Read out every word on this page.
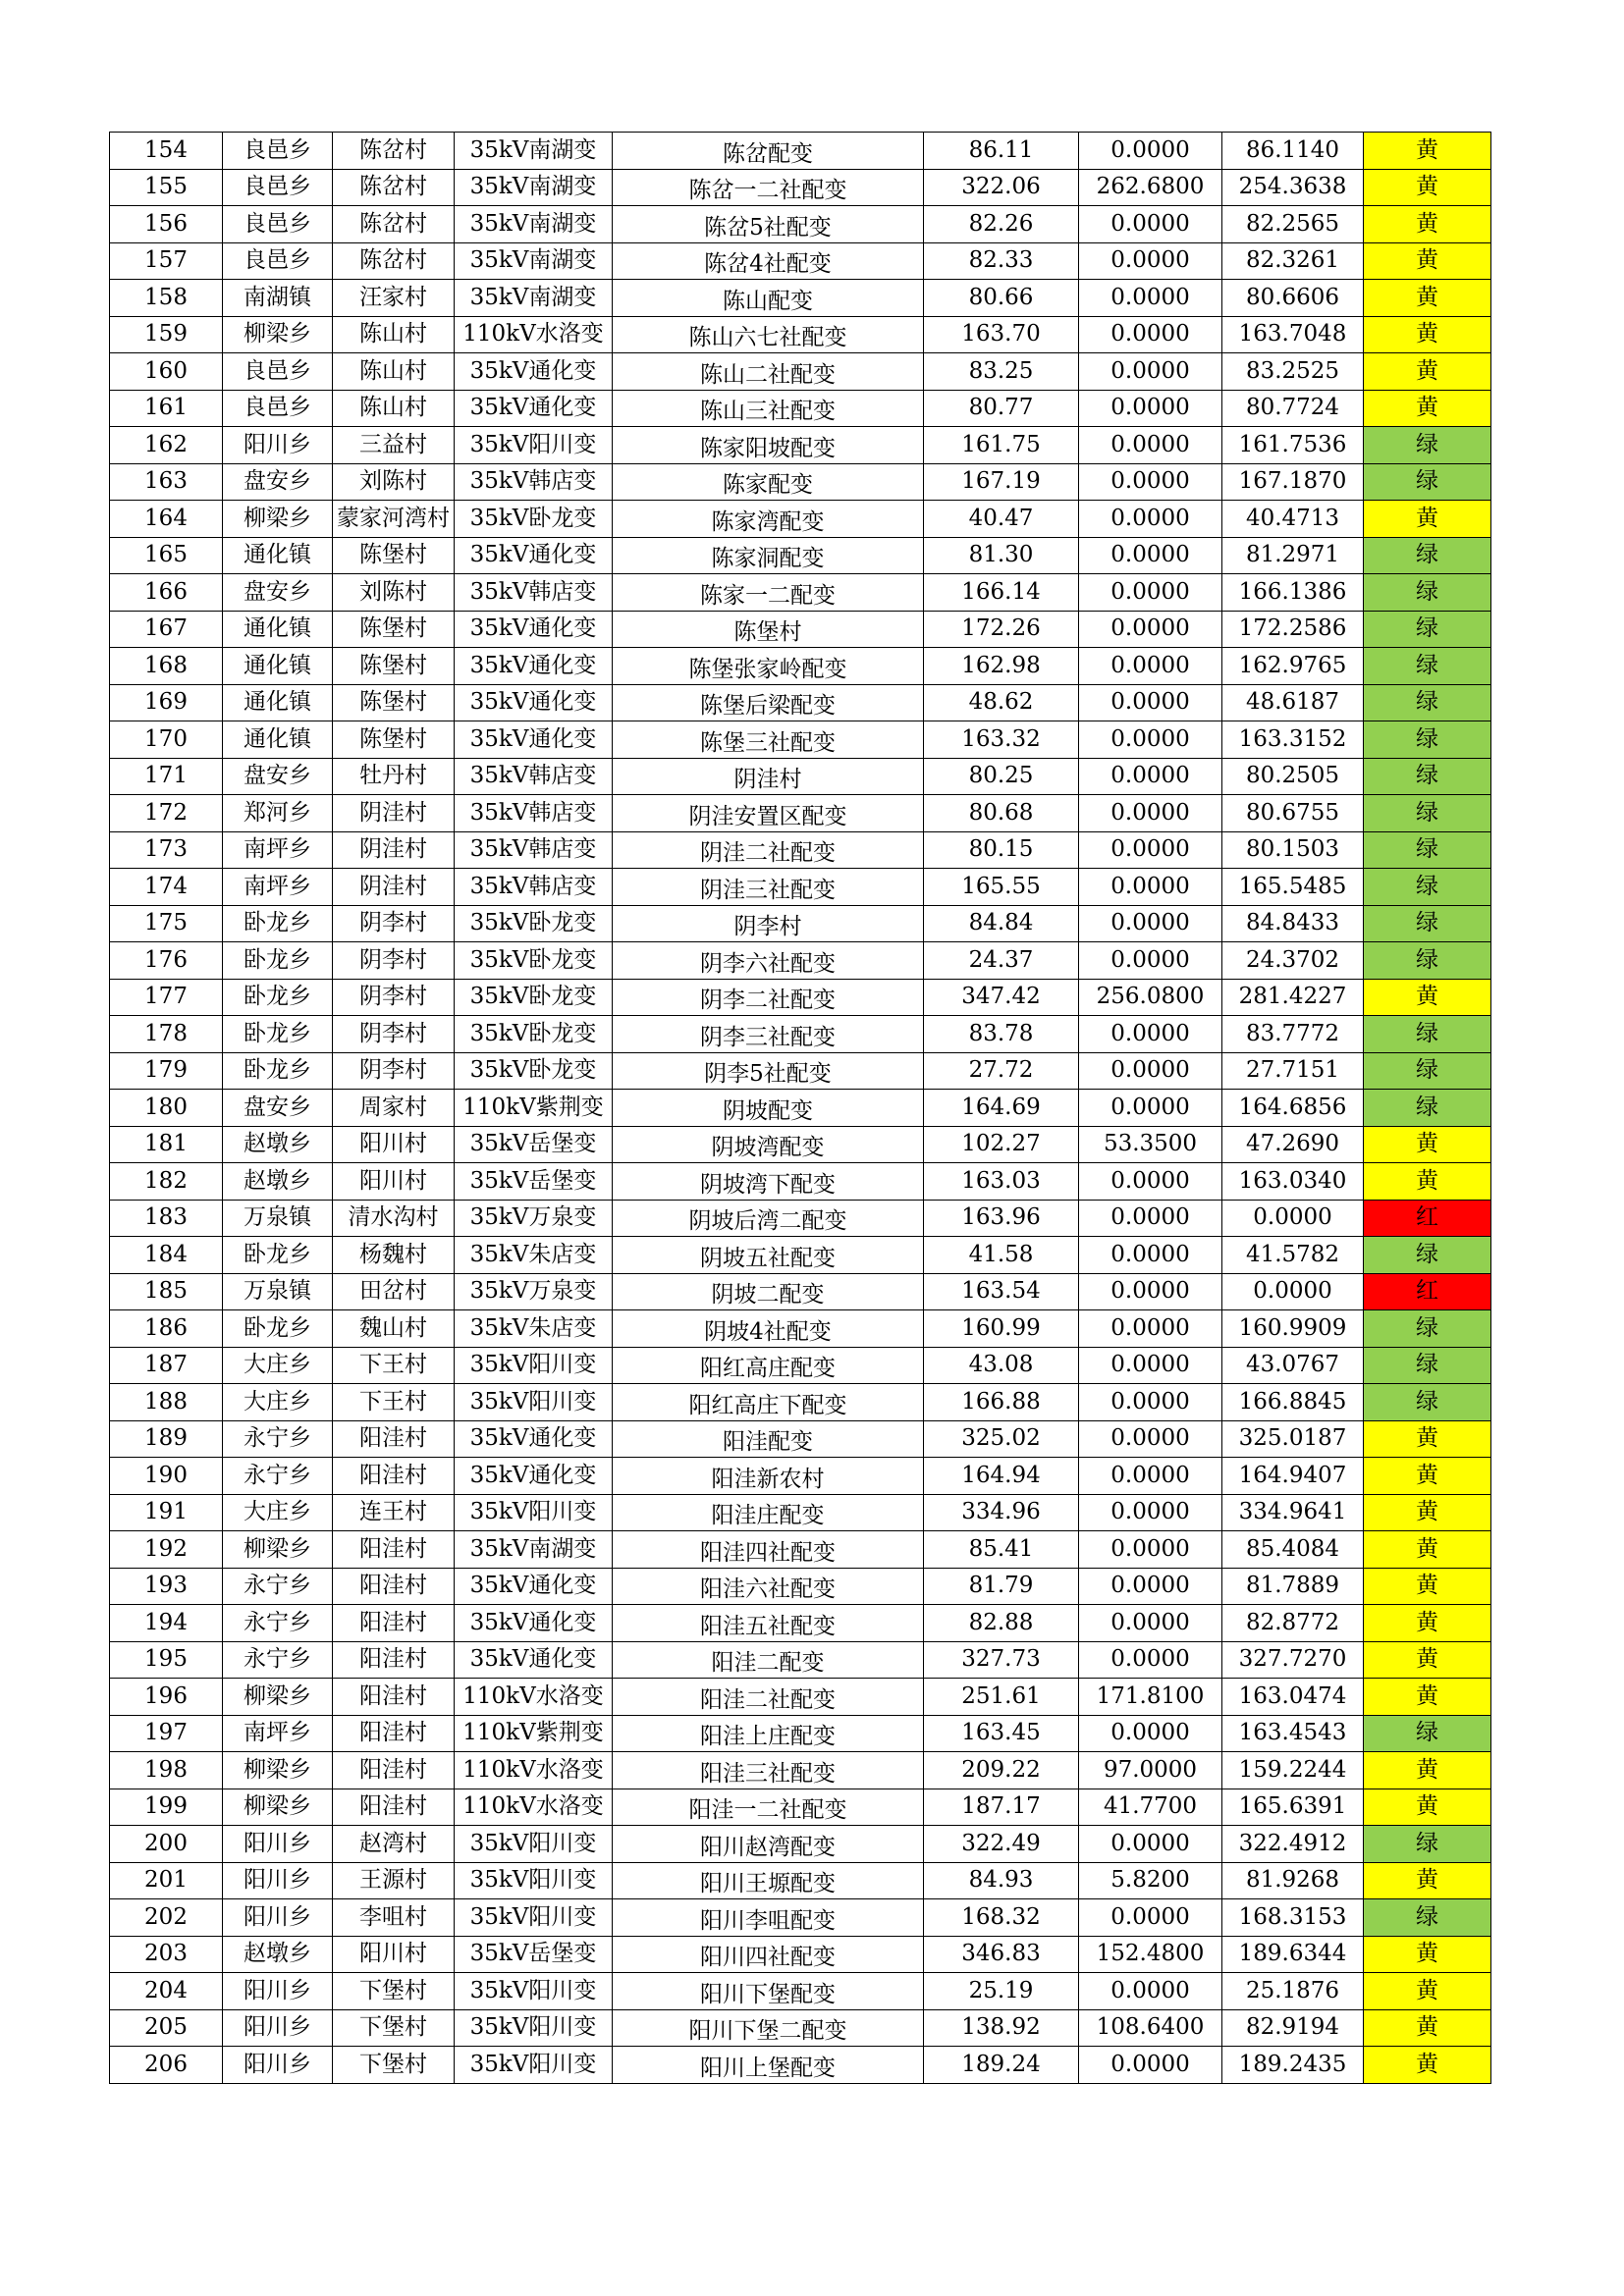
154	良邑乡	陈岔村	35kV南湖变	陈岔配变	86.11	0.0000	86.1140	黄
155	良邑乡	陈岔村	35kV南湖变	陈岔一二社配变	322.06	262.6800	254.3638	黄
156	良邑乡	陈岔村	35kV南湖变	陈岔5社配变	82.26	0.0000	82.2565	黄
157	良邑乡	陈岔村	35kV南湖变	陈岔4社配变	82.33	0.0000	82.3261	黄
158	南湖镇	汪家村	35kV南湖变	陈山配变	80.66	0.0000	80.6606	黄
159	柳梁乡	陈山村	110kV水洛变	陈山六七社配变	163.70	0.0000	163.7048	黄
160	良邑乡	陈山村	35kV通化变	陈山二社配变	83.25	0.0000	83.2525	黄
161	良邑乡	陈山村	35kV通化变	陈山三社配变	80.77	0.0000	80.7724	黄
162	阳川乡	三益村	35kV阳川变	陈家阳坡配变	161.75	0.0000	161.7536	绿
163	盘安乡	刘陈村	35kV韩店变	陈家配变	167.19	0.0000	167.1870	绿
164	柳梁乡	蒙家河湾村	35kV卧龙变	陈家湾配变	40.47	0.0000	40.4713	黄
165	通化镇	陈堡村	35kV通化变	陈家洞配变	81.30	0.0000	81.2971	绿
166	盘安乡	刘陈村	35kV韩店变	陈家一二配变	166.14	0.0000	166.1386	绿
167	通化镇	陈堡村	35kV通化变	陈堡村	172.26	0.0000	172.2586	绿
168	通化镇	陈堡村	35kV通化变	陈堡张家岭配变	162.98	0.0000	162.9765	绿
169	通化镇	陈堡村	35kV通化变	陈堡后梁配变	48.62	0.0000	48.6187	绿
170	通化镇	陈堡村	35kV通化变	陈堡三社配变	163.32	0.0000	163.3152	绿
171	盘安乡	牡丹村	35kV韩店变	阴洼村	80.25	0.0000	80.2505	绿
172	郑河乡	阴洼村	35kV韩店变	阴洼安置区配变	80.68	0.0000	80.6755	绿
173	南坪乡	阴洼村	35kV韩店变	阴洼二社配变	80.15	0.0000	80.1503	绿
174	南坪乡	阴洼村	35kV韩店变	阴洼三社配变	165.55	0.0000	165.5485	绿
175	卧龙乡	阴李村	35kV卧龙变	阴李村	84.84	0.0000	84.8433	绿
176	卧龙乡	阴李村	35kV卧龙变	阴李六社配变	24.37	0.0000	24.3702	绿
177	卧龙乡	阴李村	35kV卧龙变	阴李二社配变	347.42	256.0800	281.4227	黄
178	卧龙乡	阴李村	35kV卧龙变	阴李三社配变	83.78	0.0000	83.7772	绿
179	卧龙乡	阴李村	35kV卧龙变	阴李5社配变	27.72	0.0000	27.7151	绿
180	盘安乡	周家村	110kV紫荆变	阴坡配变	164.69	0.0000	164.6856	绿
181	赵墩乡	阳川村	35kV岳堡变	阴坡湾配变	102.27	53.3500	47.2690	黄
182	赵墩乡	阳川村	35kV岳堡变	阴坡湾下配变	163.03	0.0000	163.0340	黄
183	万泉镇	清水沟村	35kV万泉变	阴坡后湾二配变	163.96	0.0000	0.0000	红
184	卧龙乡	杨魏村	35kV朱店变	阴坡五社配变	41.58	0.0000	41.5782	绿
185	万泉镇	田岔村	35kV万泉变	阴坡二配变	163.54	0.0000	0.0000	红
186	卧龙乡	魏山村	35kV朱店变	阴坡4社配变	160.99	0.0000	160.9909	绿
187	大庄乡	下王村	35kV阳川变	阳红高庄配变	43.08	0.0000	43.0767	绿
188	大庄乡	下王村	35kV阳川变	阳红高庄下配变	166.88	0.0000	166.8845	绿
189	永宁乡	阳洼村	35kV通化变	阳洼配变	325.02	0.0000	325.0187	黄
190	永宁乡	阳洼村	35kV通化变	阳洼新农村	164.94	0.0000	164.9407	黄
191	大庄乡	连王村	35kV阳川变	阳洼庄配变	334.96	0.0000	334.9641	黄
192	柳梁乡	阳洼村	35kV南湖变	阳洼四社配变	85.41	0.0000	85.4084	黄
193	永宁乡	阳洼村	35kV通化变	阳洼六社配变	81.79	0.0000	81.7889	黄
194	永宁乡	阳洼村	35kV通化变	阳洼五社配变	82.88	0.0000	82.8772	黄
195	永宁乡	阳洼村	35kV通化变	阳洼二配变	327.73	0.0000	327.7270	黄
196	柳梁乡	阳洼村	110kV水洛变	阳洼二社配变	251.61	171.8100	163.0474	黄
197	南坪乡	阳洼村	110kV紫荆变	阳洼上庄配变	163.45	0.0000	163.4543	绿
198	柳梁乡	阳洼村	110kV水洛变	阳洼三社配变	209.22	97.0000	159.2244	黄
199	柳梁乡	阳洼村	110kV水洛变	阳洼一二社配变	187.17	41.7700	165.6391	黄
200	阳川乡	赵湾村	35kV阳川变	阳川赵湾配变	322.49	0.0000	322.4912	绿
201	阳川乡	王源村	35kV阳川变	阳川王塬配变	84.93	5.8200	81.9268	黄
202	阳川乡	李咀村	35kV阳川变	阳川李咀配变	168.32	0.0000	168.3153	绿
203	赵墩乡	阳川村	35kV岳堡变	阳川四社配变	346.83	152.4800	189.6344	黄
204	阳川乡	下堡村	35kV阳川变	阳川下堡配变	25.19	0.0000	25.1876	黄
205	阳川乡	下堡村	35kV阳川变	阳川下堡二配变	138.92	108.6400	82.9194	黄
206	阳川乡	下堡村	35kV阳川变	阳川上堡配变	189.24	0.0000	189.2435	黄
